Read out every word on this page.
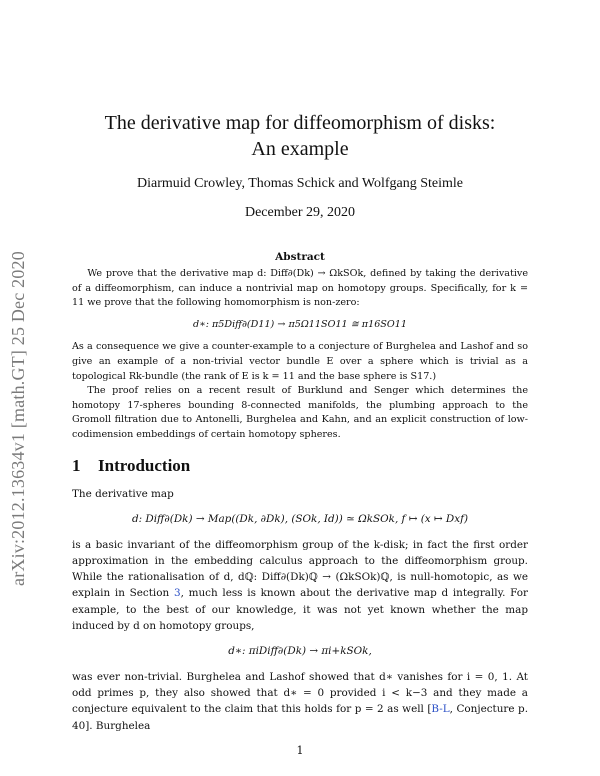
arXiv:2012.13634v1 [math.GT] 25 Dec 2020
The derivative map for diffeomorphism of disks:
An example
Diarmuid Crowley, Thomas Schick and Wolfgang Steimle
December 29, 2020
Abstract

We prove that the derivative map d: Diff∂(Dk) → ΩkSOk, defined by taking the derivative of a diffeomorphism, can induce a nontrivial map on homotopy groups. Specifically, for k = 11 we prove that the following homomorphism is non-zero:

d∗: π5Diff∂(D11) → π5Ω11SO11 ≅ π16SO11

As a consequence we give a counter-example to a conjecture of Burghelea and Lashof and so give an example of a non-trivial vector bundle E over a sphere which is trivial as a topological Rk-bundle (the rank of E is k = 11 and the base sphere is S17.)

The proof relies on a recent result of Burklund and Senger which determines the homotopy 17-spheres bounding 8-connected manifolds, the plumbing approach to the Gromoll filtration due to Antonelli, Burghelea and Kahn, and an explicit construction of low-codimension embeddings of certain homotopy spheres.

1 Introduction

The derivative map

d: Diff∂(Dk) → Map((Dk, ∂Dk), (SOk, Id)) ≃ ΩkSOk, f ↦ (x ↦ Dxf)

is a basic invariant of the diffeomorphism group of the k-disk; in fact the first order approximation in the embedding calculus approach to the diffeomorphism group. While the rationalisation of d, dℚ: Diff∂(Dk)ℚ → (ΩkSOk)ℚ, is null-homotopic, as we explain in Section 3, much less is known about the derivative map d integrally. For example, to the best of our knowledge, it was not yet known whether the map induced by d on homotopy groups,

d∗: πiDiff∂(Dk) → πi+kSOk,

was ever non-trivial. Burghelea and Lashof showed that d∗ vanishes for i = 0, 1. At odd primes p, they also showed that d∗ = 0 provided i < k−3 and they made a conjecture equivalent to the claim that this holds for p = 2 as well [B-L, Conjecture p. 40]. Burghelea

1
